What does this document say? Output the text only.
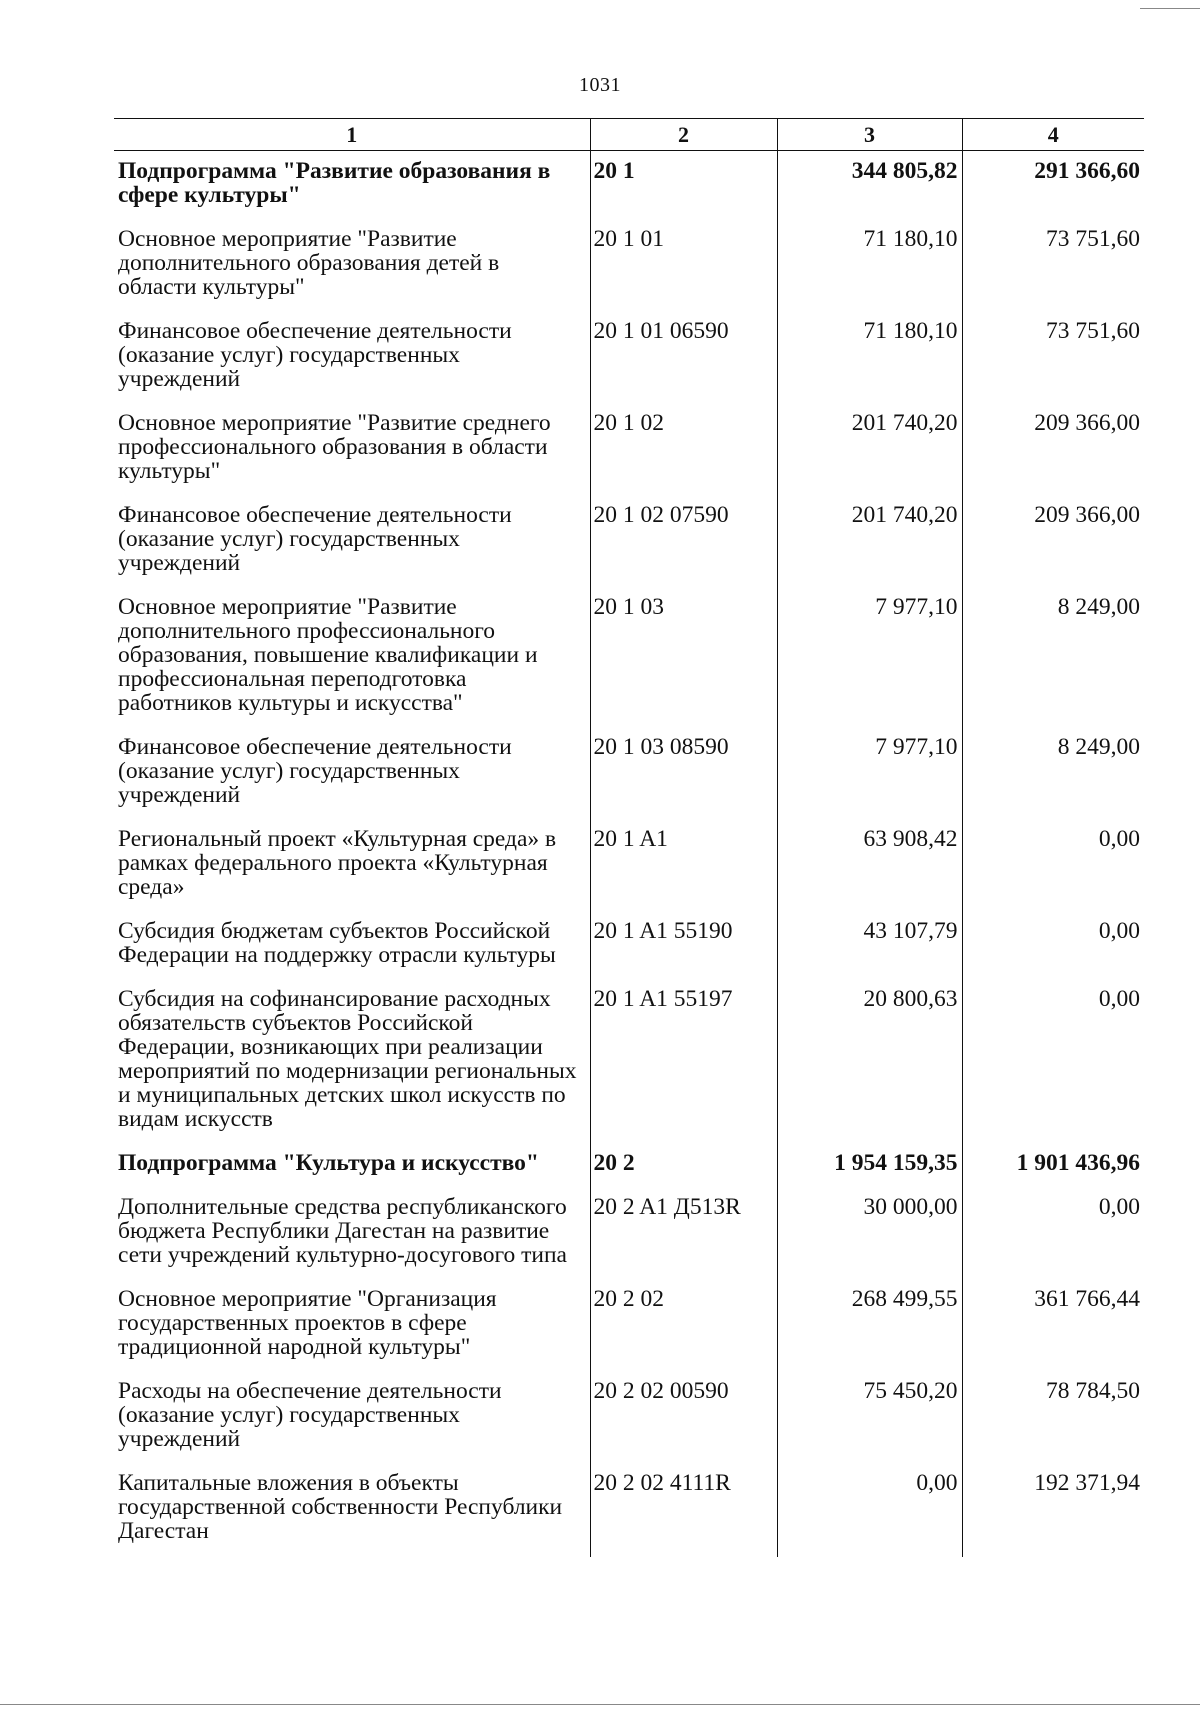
1031
1	2	3	4
Подпрограмма "Развитие образования в сфере культуры"	20 1	344 805,82	291 366,60
Основное мероприятие "Развитие дополнительного образования детей в области культуры"	20 1 01	71 180,10	73 751,60
Финансовое обеспечение деятельности (оказание услуг) государственных учреждений	20 1 01 06590	71 180,10	73 751,60
Основное мероприятие "Развитие среднего профессионального образования в области культуры"	20 1 02	201 740,20	209 366,00
Финансовое обеспечение деятельности (оказание услуг) государственных учреждений	20 1 02 07590	201 740,20	209 366,00
Основное мероприятие "Развитие дополнительного профессионального образования, повышение квалификации и профессиональная переподготовка работников культуры и искусства"	20 1 03	7 977,10	8 249,00
Финансовое обеспечение деятельности (оказание услуг) государственных учреждений	20 1 03 08590	7 977,10	8 249,00
Региональный проект «Культурная среда» в рамках федерального проекта «Культурная среда»	20 1 A1	63 908,42	0,00
Субсидия бюджетам субъектов Российской Федерации на поддержку отрасли культуры	20 1 A1 55190	43 107,79	0,00
Субсидия на софинансирование расходных обязательств субъектов Российской Федерации, возникающих при реализации мероприятий по модернизации региональных и муниципальных детских школ искусств по видам искусств	20 1 A1 55197	20 800,63	0,00
Подпрограмма "Культура и искусство"	20 2	1 954 159,35	1 901 436,96
Дополнительные средства республиканского бюджета Республики Дагестан на развитие сети учреждений культурно-досугового типа	20 2 A1 Д513R	30 000,00	0,00
Основное мероприятие "Организация государственных проектов в сфере традиционной народной культуры"	20 2 02	268 499,55	361 766,44
Расходы на обеспечение деятельности (оказание услуг) государственных учреждений	20 2 02 00590	75 450,20	78 784,50
Капитальные вложения в объекты государственной собственности Республики Дагестан	20 2 02 4111R	0,00	192 371,94
